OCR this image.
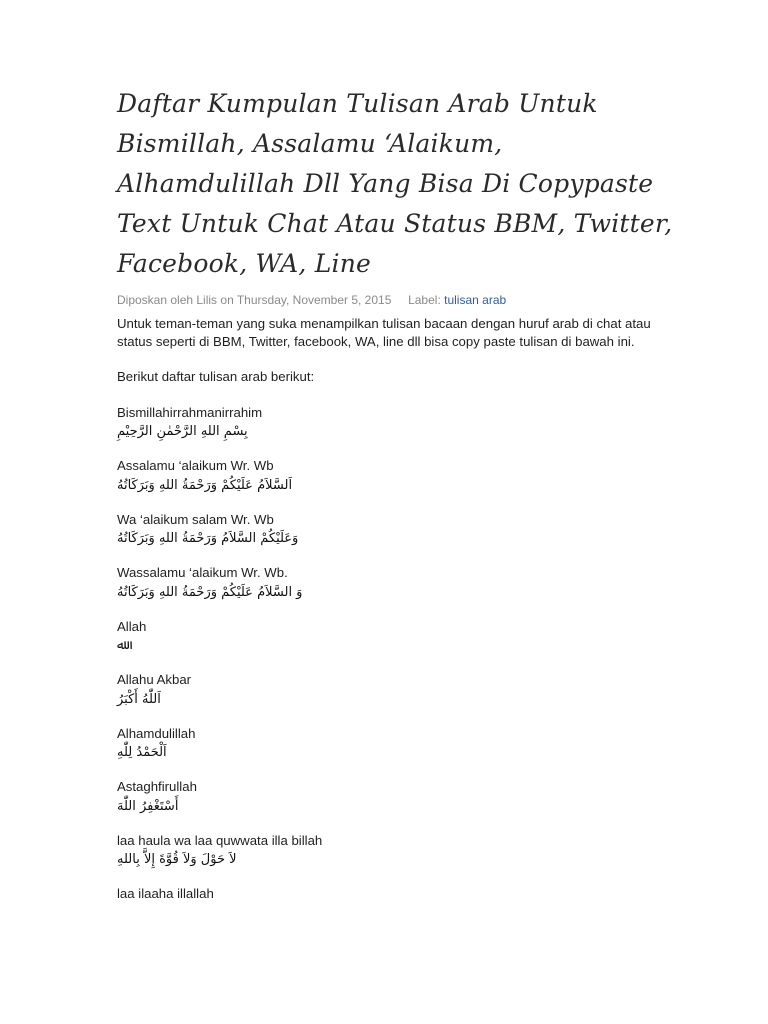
Daftar Kumpulan Tulisan Arab Untuk Bismillah, Assalamu ‘Alaikum, Alhamdulillah Dll Yang Bisa Di Copypaste Text Untuk Chat Atau Status BBM, Twitter, Facebook, WA, Line
Diposkan oleh Lilis on Thursday, November 5, 2015 Label: tulisan arab

Untuk teman-teman yang suka menampilkan tulisan bacaan dengan huruf arab di chat atau status seperti di BBM, Twitter, facebook, WA, line dll bisa copy paste tulisan di bawah ini.

Berikut daftar tulisan arab berikut:

Bismillahirrahmanirrahim
بِسْمِ اللهِ الرَّحْمٰنِ الرَّحِيْمِ
Assalamu ‘alaikum Wr. Wb
اَلسَّلاَمُ عَلَيْكُمْ وَرَحْمَةُ اللهِ وَبَرَكَاتُهُ
Wa ‘alaikum salam Wr. Wb
وَعَلَيْكُمْ السَّلاَمُ وَرَحْمَةُ اللهِ وَبَرَكَاتُهُ
Wassalamu ‘alaikum Wr. Wb.
وَ السَّلاَمُ عَلَيْكُمْ وَرَحْمَةُ اللهِ وَبَرَكَاتُهُ
Allah
ﷲ
Allahu Akbar
اَللّٰهُ أَكْبَرُ
Alhamdulillah
اَلْحَمْدُ لِلّٰهِ
Astaghfirullah
أَسْتَغْفِرُ اللّٰهَ
laa haula wa laa quwwata illa billah
لاَ حَوْلَ وَلاَ قُوَّةَ إِلاَّ بِاللهِ
laa ilaaha illallah
